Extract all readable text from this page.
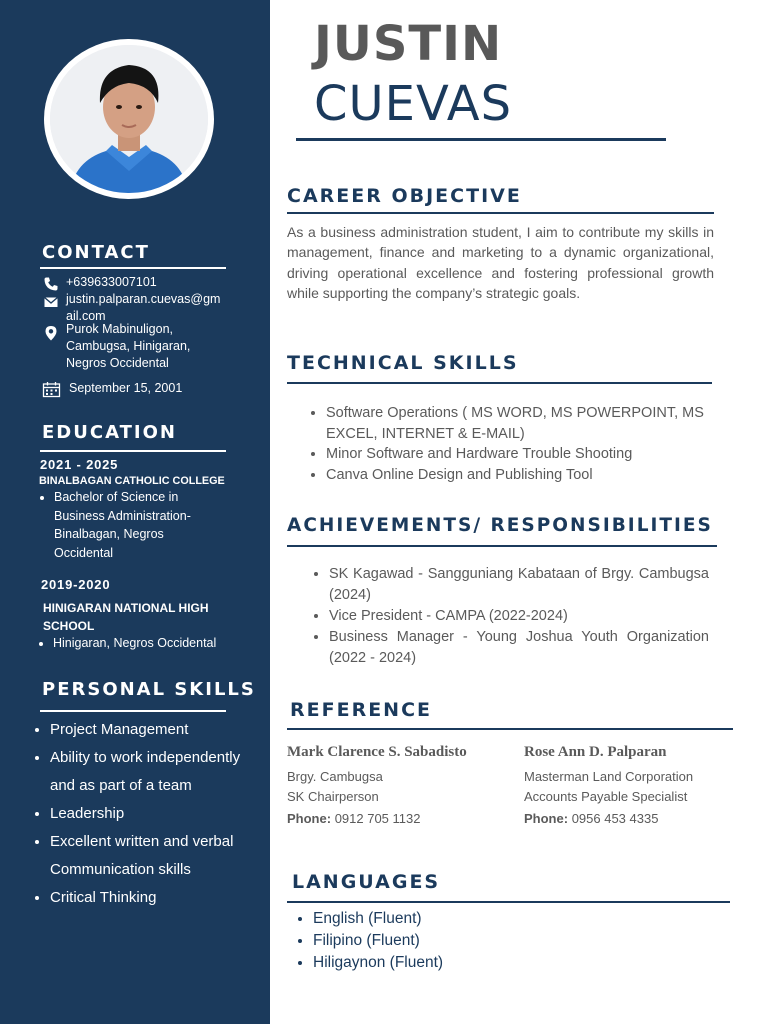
CONTACT
+639633007101
justin.palparan.cuevas@gmail.com
Purok Mabinuligon, Cambugsa, Hinigaran, Negros Occidental
September 15, 2001
EDUCATION
2021 - 2025
BINALBAGAN CATHOLIC COLLEGE
• Bachelor of Science in Business Administration- Binalbagan, Negros Occidental
2019-2020
HINIGARAN NATIONAL HIGH SCHOOL
• Hinigaran, Negros Occidental
PERSONAL SKILLS
• Project Management
• Ability to work independently and as part of a team
• Leadership
• Excellent written and verbal Communication skills
• Critical Thinking
JUSTIN
CUEVAS
CAREER OBJECTIVE
As a business administration student, I aim to contribute my skills in management, finance and marketing to a dynamic organizational, driving operational excellence and fostering professional growth while supporting the company’s strategic goals.
TECHNICAL SKILLS
• Software Operations ( MS WORD, MS POWERPOINT, MS EXCEL, INTERNET & E-MAIL)
• Minor Software and Hardware Trouble Shooting
• Canva Online Design and Publishing Tool
ACHIEVEMENTS/ RESPONSIBILITIES
• SK Kagawad - Sangguniang Kabataan of Brgy. Cambugsa (2024)
• Vice President - CAMPA (2022-2024)
• Business Manager - Young Joshua Youth Organization (2022 - 2024)
REFERENCE
Mark Clarence S. Sabadisto
Brgy. Cambugsa
SK Chairperson
Phone: 0912 705 1132
Rose Ann D. Palparan
Masterman Land Corporation
Accounts Payable Specialist
Phone: 0956 453 4335
LANGUAGES
• English (Fluent)
• Filipino (Fluent)
• Hiligaynon (Fluent)
